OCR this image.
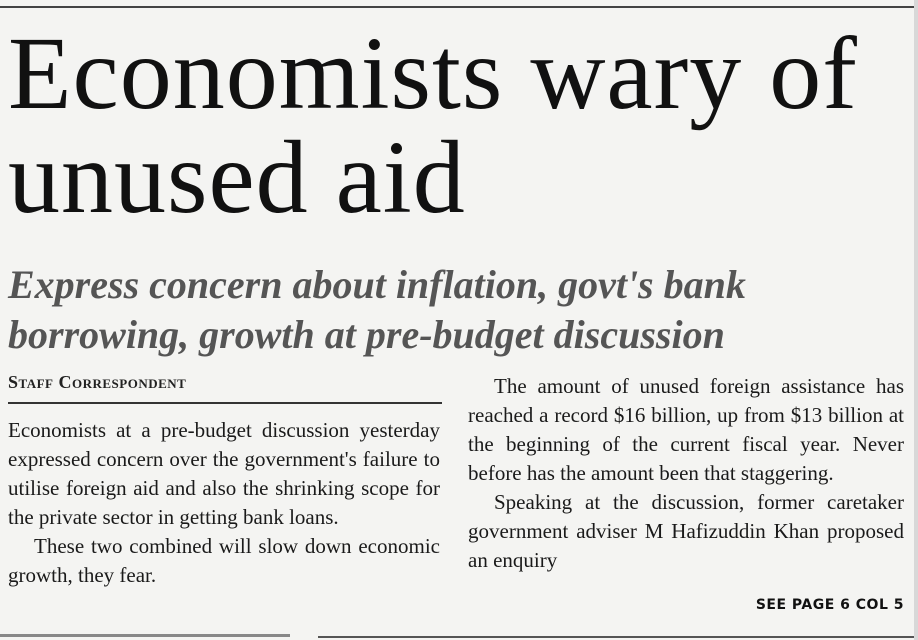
Economists wary of unused aid
Express concern about inflation, govt's bank borrowing, growth at pre-budget discussion
Staff Correspondent

Economists at a pre-budget discussion yesterday expressed concern over the government's failure to utilise foreign aid and also the shrinking scope for the private sector in getting bank loans.

These two combined will slow down economic growth, they fear.

The amount of unused foreign assistance has reached a record $16 billion, up from $13 billion at the beginning of the current fiscal year. Never before has the amount been that staggering.

Speaking at the discussion, former caretaker government adviser M Hafizuddin Khan proposed an enquiry

SEE PAGE 6 COL 5
